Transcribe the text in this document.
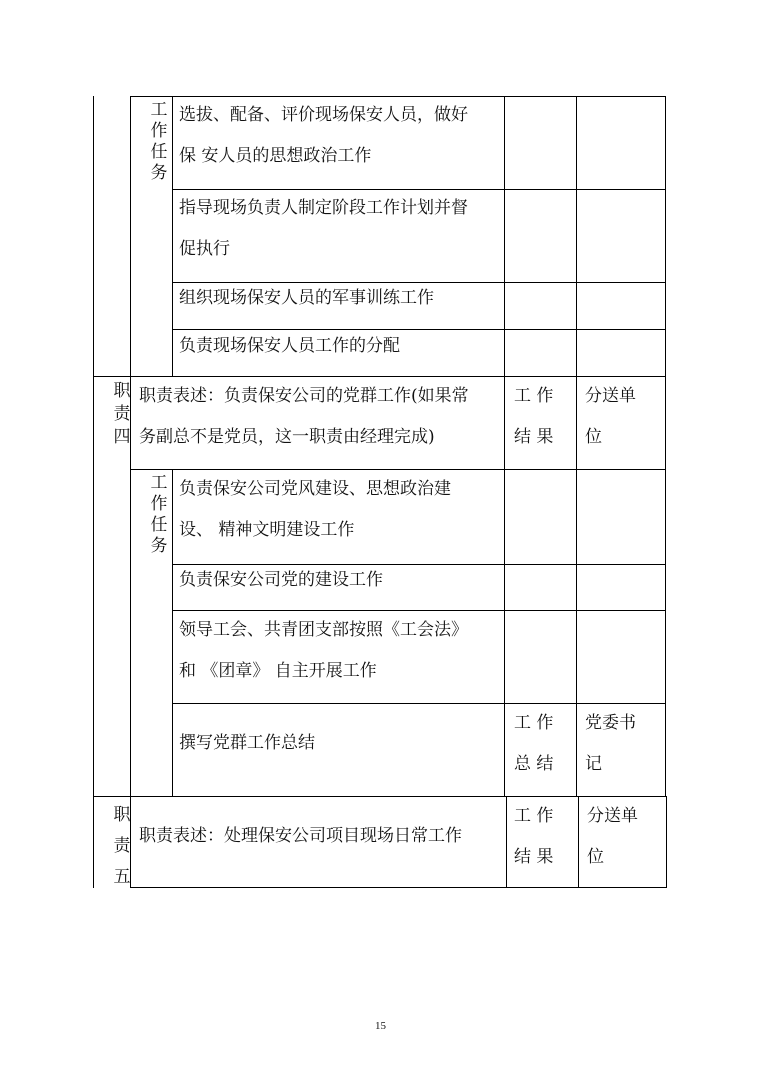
工作任务
选拔、配备、评价现场保安人员，做好
保 安人员的思想政治工作
指导现场负责人制定阶段工作计划并督
促执行
组织现场保安人员的军事训练工作
负责现场保安人员工作的分配
职责四
职责表述：负责保安公司的党群工作(如果常
务副总不是党员，这一职责由经理完成)
工 作
结 果
分送单
位
工作任务
负责保安公司党风建设、思想政治建
设、 精神文明建设工作
负责保安公司党的建设工作
领导工会、共青团支部按照《工会法》
和 《团章》 自主开展工作
撰写党群工作总结
工 作
总 结
党委书
记
职责五
职责表述：处理保安公司项目现场日常工作
工 作
结 果
分送单
位
15
